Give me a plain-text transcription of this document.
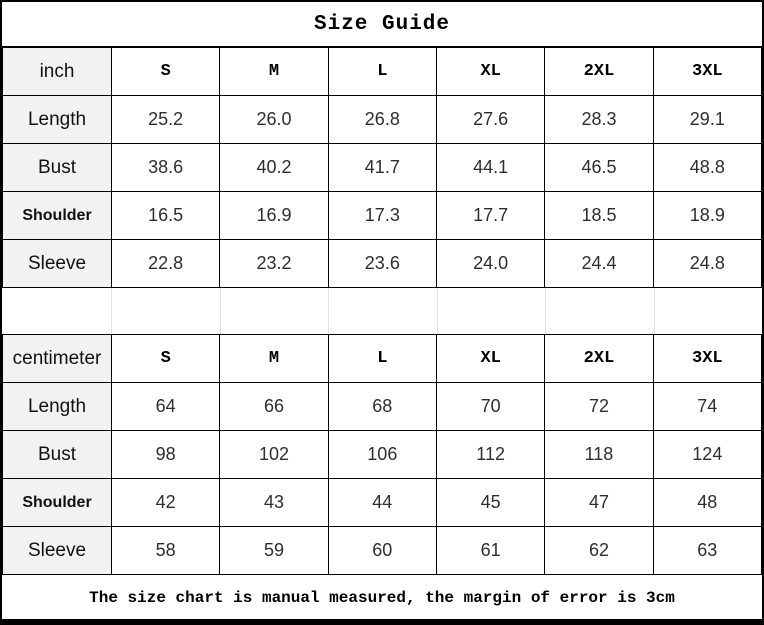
Size Guide
inch	S	M	L	XL	2XL	3XL
Length	25.2	26.0	26.8	27.6	28.3	29.1
Bust	38.6	40.2	41.7	44.1	46.5	48.8
Shoulder	16.5	16.9	17.3	17.7	18.5	18.9
Sleeve	22.8	23.2	23.6	24.0	24.4	24.8
centimeter	S	M	L	XL	2XL	3XL
Length	64	66	68	70	72	74
Bust	98	102	106	112	118	124
Shoulder	42	43	44	45	47	48
Sleeve	58	59	60	61	62	63
The size chart is manual measured, the margin of error is 3cm
